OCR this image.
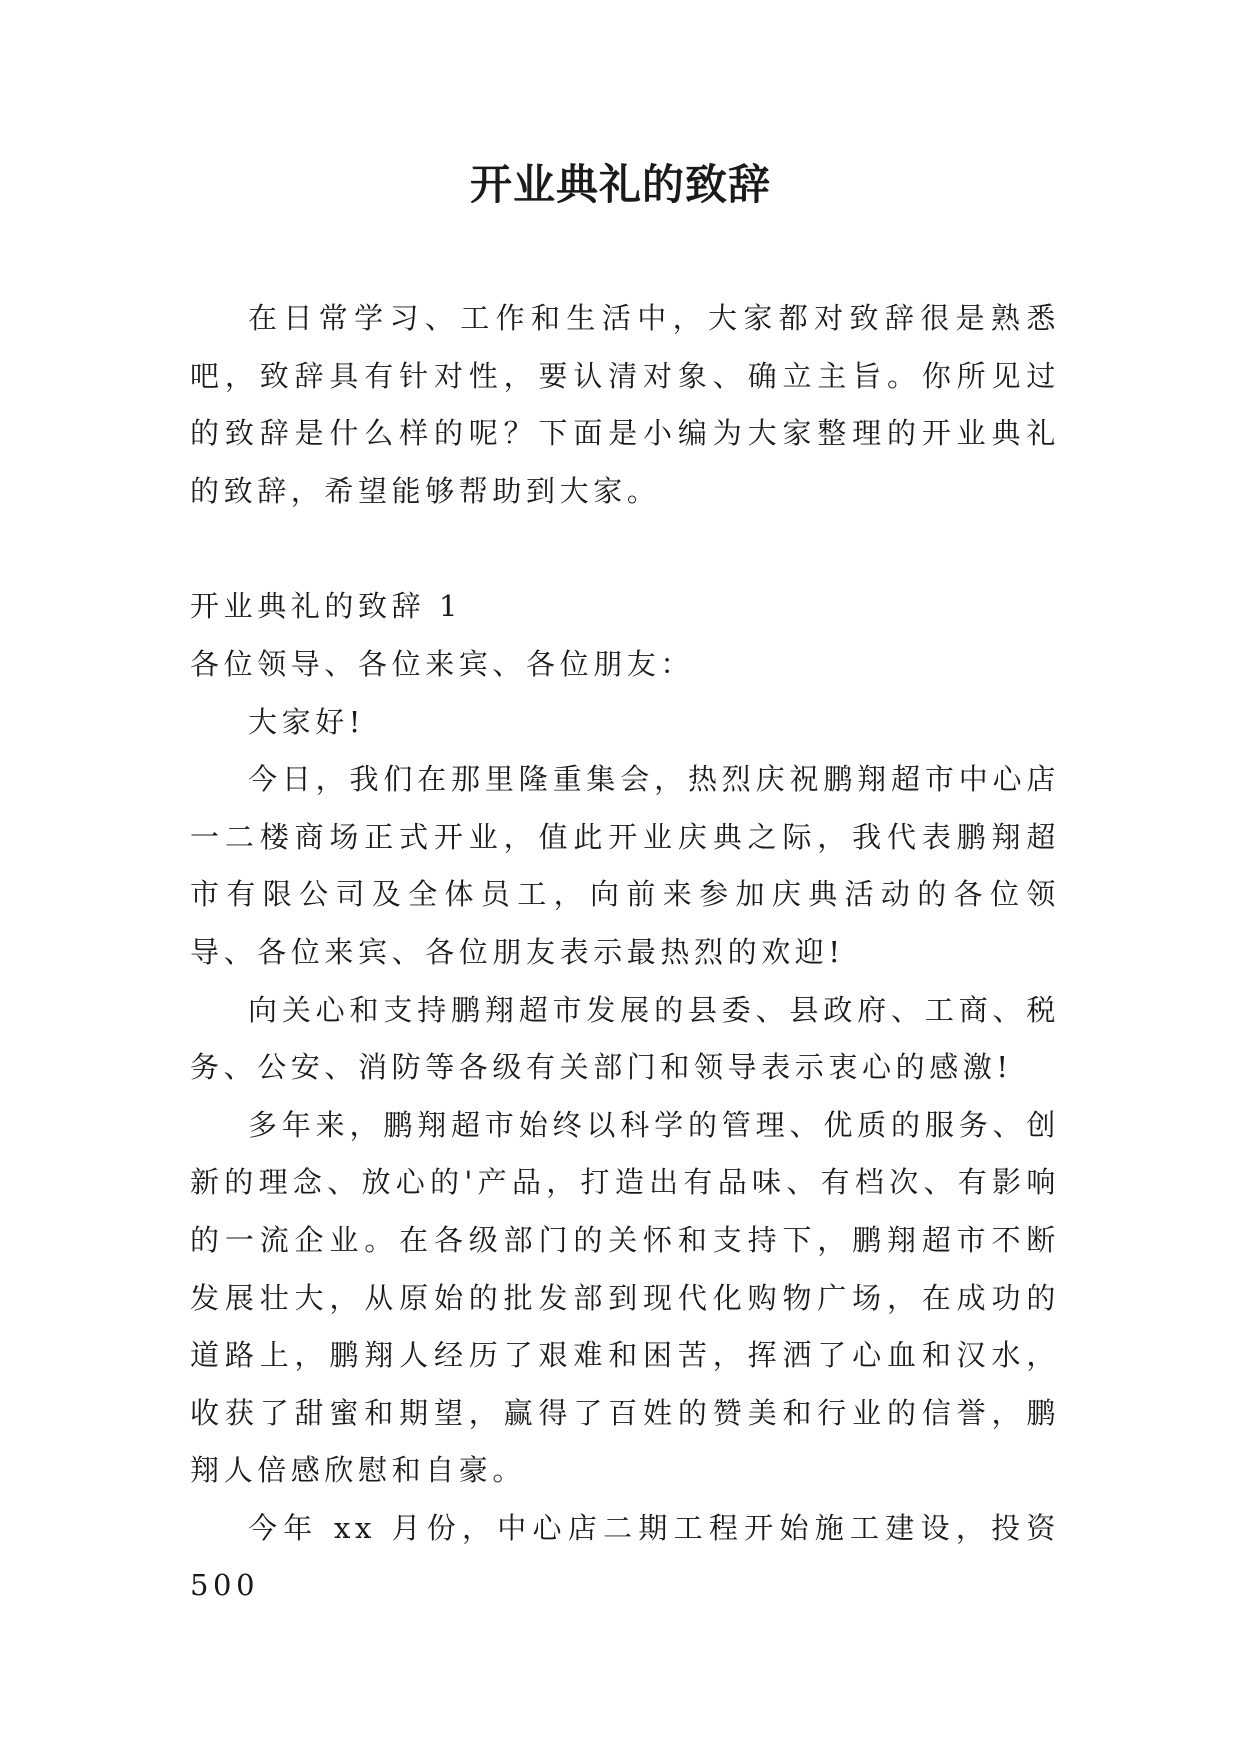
开业典礼的致辞

在日常学习、工作和生活中，大家都对致辞很是熟悉吧，致辞具有针对性，要认清对象、确立主旨。你所见过的致辞是什么样的呢？下面是小编为大家整理的开业典礼的致辞，希望能够帮助到大家。

开业典礼的致辞 1

各位领导、各位来宾、各位朋友：

大家好!

今日，我们在那里隆重集会，热烈庆祝鹏翔超市中心店一二楼商场正式开业，值此开业庆典之际，我代表鹏翔超市有限公司及全体员工，向前来参加庆典活动的各位领导、各位来宾、各位朋友表示最热烈的欢迎!

向关心和支持鹏翔超市发展的县委、县政府、工商、税务、公安、消防等各级有关部门和领导表示衷心的感激!

多年来，鹏翔超市始终以科学的管理、优质的服务、创新的理念、放心的'产品，打造出有品味、有档次、有影响的一流企业。在各级部门的关怀和支持下，鹏翔超市不断发展壮大，从原始的批发部到现代化购物广场，在成功的道路上，鹏翔人经历了艰难和困苦，挥洒了心血和汉水，收获了甜蜜和期望，赢得了百姓的赞美和行业的信誉，鹏翔人倍感欣慰和自豪。

今年 xx 月份，中心店二期工程开始施工建设，投资 500
